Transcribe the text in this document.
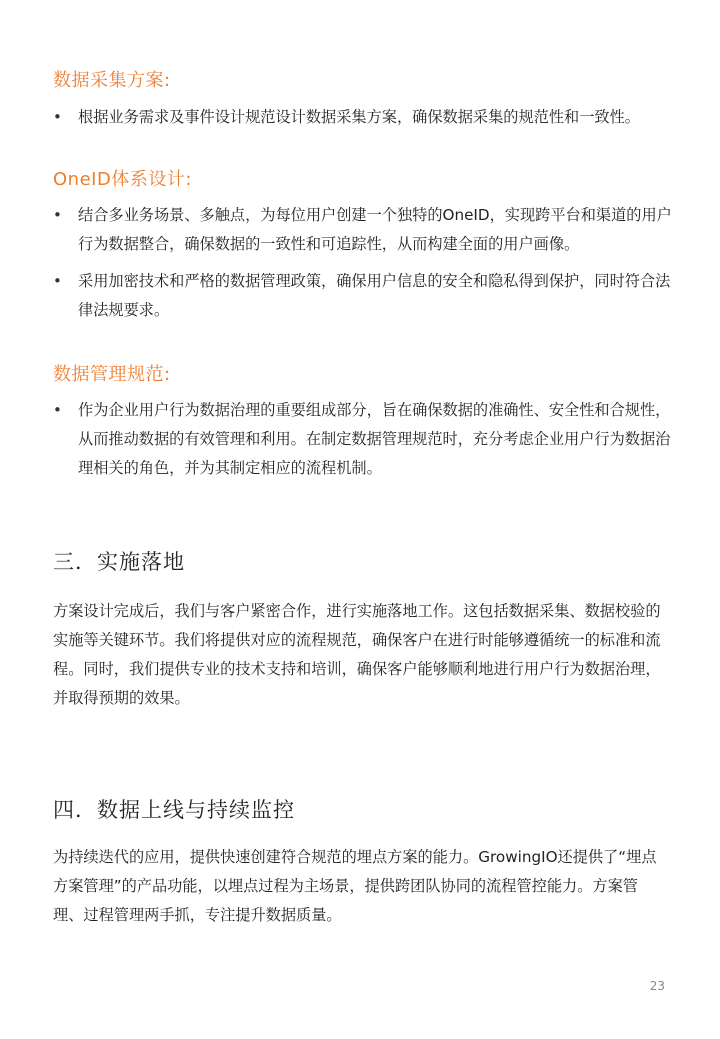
数据采集方案:
• 根据业务需求及事件设计规范设计数据采集方案，确保数据采集的规范性和一致性。
OneID体系设计:
• 结合多业务场景、多触点，为每位用户创建一个独特的OneID，实现跨平台和渠道的用户行为数据整合，确保数据的一致性和可追踪性，从而构建全面的用户画像。
• 采用加密技术和严格的数据管理政策，确保用户信息的安全和隐私得到保护，同时符合法律法规要求。
数据管理规范:
• 作为企业用户行为数据治理的重要组成部分，旨在确保数据的准确性、安全性和合规性，从而推动数据的有效管理和利用。在制定数据管理规范时，充分考虑企业用户行为数据治理相关的角色，并为其制定相应的流程机制。
三．实施落地

方案设计完成后，我们与客户紧密合作，进行实施落地工作。这包括数据采集、数据校验的实施等关键环节。我们将提供对应的流程规范，确保客户在进行时能够遵循统一的标准和流程。同时，我们提供专业的技术支持和培训，确保客户能够顺利地进行用户行为数据治理，并取得预期的效果。

四．数据上线与持续监控

为持续迭代的应用，提供快速创建符合规范的埋点方案的能力。GrowingIO还提供了“埋点方案管理”的产品功能，以埋点过程为主场景，提供跨团队协同的流程管控能力。方案管理、过程管理两手抓，专注提升数据质量。

23
